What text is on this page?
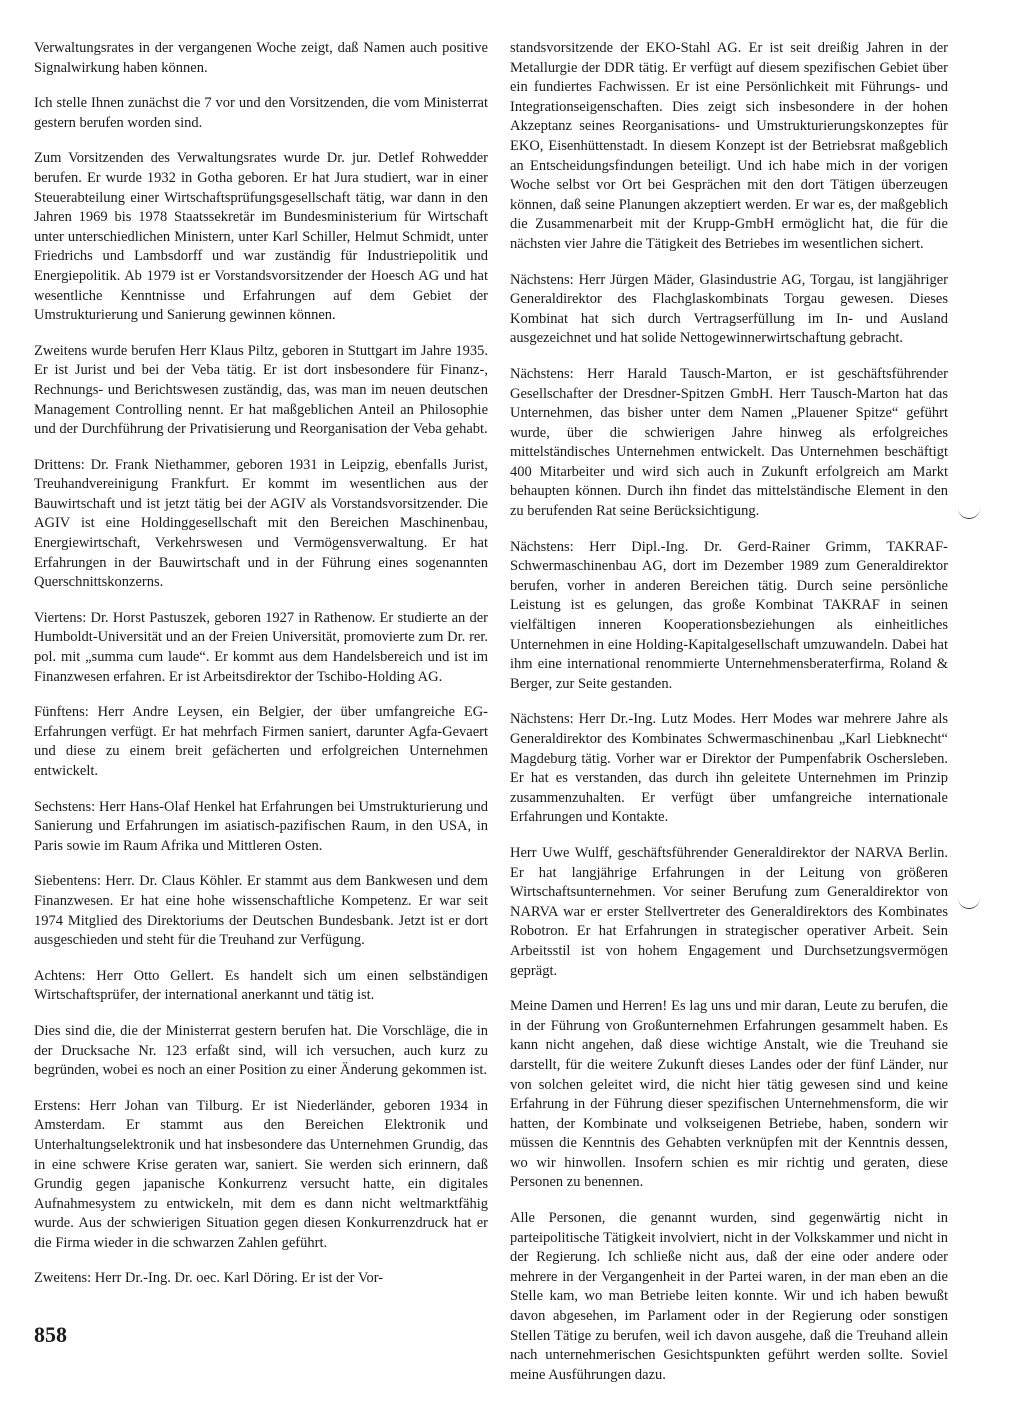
Verwaltungsrates in der vergangenen Woche zeigt, daß Namen auch positive Signalwirkung haben können.

Ich stelle Ihnen zunächst die 7 vor und den Vorsitzenden, die vom Ministerrat gestern berufen worden sind.

Zum Vorsitzenden des Verwaltungsrates wurde Dr. jur. Detlef Rohwedder berufen. Er wurde 1932 in Gotha geboren. Er hat Jura studiert, war in einer Steuerabteilung einer Wirtschaftsprüfungsgesellschaft tätig, war dann in den Jahren 1969 bis 1978 Staatssekretär im Bundesministerium für Wirtschaft unter unterschiedlichen Ministern, unter Karl Schiller, Helmut Schmidt, unter Friedrichs und Lambsdorff und war zuständig für Industriepolitik und Energiepolitik. Ab 1979 ist er Vorstandsvorsitzender der Hoesch AG und hat wesentliche Kenntnisse und Erfahrungen auf dem Gebiet der Umstrukturierung und Sanierung gewinnen können.

Zweitens wurde berufen Herr Klaus Piltz, geboren in Stuttgart im Jahre 1935. Er ist Jurist und bei der Veba tätig. Er ist dort insbesondere für Finanz-, Rechnungs- und Berichtswesen zuständig, das, was man im neuen deutschen Management Controlling nennt. Er hat maßgeblichen Anteil an Philosophie und der Durchführung der Privatisierung und Reorganisation der Veba gehabt.

Drittens: Dr. Frank Niethammer, geboren 1931 in Leipzig, ebenfalls Jurist, Treuhandvereinigung Frankfurt. Er kommt im wesentlichen aus der Bauwirtschaft und ist jetzt tätig bei der AGIV als Vorstandsvorsitzender. Die AGIV ist eine Holdinggesellschaft mit den Bereichen Maschinenbau, Energiewirtschaft, Verkehrswesen und Vermögensverwaltung. Er hat Erfahrungen in der Bauwirtschaft und in der Führung eines sogenannten Querschnittskonzerns.

Viertens: Dr. Horst Pastuszek, geboren 1927 in Rathenow. Er studierte an der Humboldt-Universität und an der Freien Universität, promovierte zum Dr. rer. pol. mit „summa cum laude“. Er kommt aus dem Handelsbereich und ist im Finanzwesen erfahren. Er ist Arbeitsdirektor der Tschibo-Holding AG.

Fünftens: Herr Andre Leysen, ein Belgier, der über umfangreiche EG-Erfahrungen verfügt. Er hat mehrfach Firmen saniert, darunter Agfa-Gevaert und diese zu einem breit gefächerten und erfolgreichen Unternehmen entwickelt.

Sechstens: Herr Hans-Olaf Henkel hat Erfahrungen bei Umstrukturierung und Sanierung und Erfahrungen im asiatisch-pazifischen Raum, in den USA, in Paris sowie im Raum Afrika und Mittleren Osten.

Siebentens: Herr. Dr. Claus Köhler. Er stammt aus dem Bankwesen und dem Finanzwesen. Er hat eine hohe wissenschaftliche Kompetenz. Er war seit 1974 Mitglied des Direktoriums der Deutschen Bundesbank. Jetzt ist er dort ausgeschieden und steht für die Treuhand zur Verfügung.

Achtens: Herr Otto Gellert. Es handelt sich um einen selbständigen Wirtschaftsprüfer, der international anerkannt und tätig ist.

Dies sind die, die der Ministerrat gestern berufen hat. Die Vorschläge, die in der Drucksache Nr. 123 erfaßt sind, will ich versuchen, auch kurz zu begründen, wobei es noch an einer Position zu einer Änderung gekommen ist.

Erstens: Herr Johan van Tilburg. Er ist Niederländer, geboren 1934 in Amsterdam. Er stammt aus den Bereichen Elektronik und Unterhaltungselektronik und hat insbesondere das Unternehmen Grundig, das in eine schwere Krise geraten war, saniert. Sie werden sich erinnern, daß Grundig gegen japanische Konkurrenz versucht hatte, ein digitales Aufnahmesystem zu entwickeln, mit dem es dann nicht weltmarktfähig wurde. Aus der schwierigen Situation gegen diesen Konkurrenzdruck hat er die Firma wieder in die schwarzen Zahlen geführt.

Zweitens: Herr Dr.-Ing. Dr. oec. Karl Döring. Er ist der Vor-

standsvorsitzende der EKO-Stahl AG. Er ist seit dreißig Jahren in der Metallurgie der DDR tätig. Er verfügt auf diesem spezifischen Gebiet über ein fundiertes Fachwissen. Er ist eine Persönlichkeit mit Führungs- und Integrationseigenschaften. Dies zeigt sich insbesondere in der hohen Akzeptanz seines Reorganisations- und Umstrukturierungskonzeptes für EKO, Eisenhüttenstadt. In diesem Konzept ist der Betriebsrat maßgeblich an Entscheidungsfindungen beteiligt. Und ich habe mich in der vorigen Woche selbst vor Ort bei Gesprächen mit den dort Tätigen überzeugen können, daß seine Planungen akzeptiert werden. Er war es, der maßgeblich die Zusammenarbeit mit der Krupp-GmbH ermöglicht hat, die für die nächsten vier Jahre die Tätigkeit des Betriebes im wesentlichen sichert.

Nächstens: Herr Jürgen Mäder, Glasindustrie AG, Torgau, ist langjähriger Generaldirektor des Flachglaskombinats Torgau gewesen. Dieses Kombinat hat sich durch Vertragserfüllung im In- und Ausland ausgezeichnet und hat solide Nettogewinnerwirtschaftung gebracht.

Nächstens: Herr Harald Tausch-Marton, er ist geschäftsführender Gesellschafter der Dresdner-Spitzen GmbH. Herr Tausch-Marton hat das Unternehmen, das bisher unter dem Namen „Plauener Spitze“ geführt wurde, über die schwierigen Jahre hinweg als erfolgreiches mittelständisches Unternehmen entwickelt. Das Unternehmen beschäftigt 400 Mitarbeiter und wird sich auch in Zukunft erfolgreich am Markt behaupten können. Durch ihn findet das mittelständische Element in den zu berufenden Rat seine Berücksichtigung.

Nächstens: Herr Dipl.-Ing. Dr. Gerd-Rainer Grimm, TAKRAF-Schwermaschinenbau AG, dort im Dezember 1989 zum Generaldirektor berufen, vorher in anderen Bereichen tätig. Durch seine persönliche Leistung ist es gelungen, das große Kombinat TAKRAF in seinen vielfältigen inneren Kooperationsbeziehungen als einheitliches Unternehmen in eine Holding-Kapitalgesellschaft umzuwandeln. Dabei hat ihm eine international renommierte Unternehmensberaterfirma, Roland & Berger, zur Seite gestanden.

Nächstens: Herr Dr.-Ing. Lutz Modes. Herr Modes war mehrere Jahre als Generaldirektor des Kombinates Schwermaschinenbau „Karl Liebknecht“ Magdeburg tätig. Vorher war er Direktor der Pumpenfabrik Oschersleben. Er hat es verstanden, das durch ihn geleitete Unternehmen im Prinzip zusammenzuhalten. Er verfügt über umfangreiche internationale Erfahrungen und Kontakte.

Herr Uwe Wulff, geschäftsführender Generaldirektor der NARVA Berlin. Er hat langjährige Erfahrungen in der Leitung von größeren Wirtschaftsunternehmen. Vor seiner Berufung zum Generaldirektor von NARVA war er erster Stellvertreter des Generaldirektors des Kombinates Robotron. Er hat Erfahrungen in strategischer operativer Arbeit. Sein Arbeitsstil ist von hohem Engagement und Durchsetzungsvermögen geprägt.

Meine Damen und Herren! Es lag uns und mir daran, Leute zu berufen, die in der Führung von Großunternehmen Erfahrungen gesammelt haben. Es kann nicht angehen, daß diese wichtige Anstalt, wie die Treuhand sie darstellt, für die weitere Zukunft dieses Landes oder der fünf Länder, nur von solchen geleitet wird, die nicht hier tätig gewesen sind und keine Erfahrung in der Führung dieser spezifischen Unternehmensform, die wir hatten, der Kombinate und volkseigenen Betriebe, haben, sondern wir müssen die Kenntnis des Gehabten verknüpfen mit der Kenntnis dessen, wo wir hinwollen. Insofern schien es mir richtig und geraten, diese Personen zu benennen.

Alle Personen, die genannt wurden, sind gegenwärtig nicht in parteipolitische Tätigkeit involviert, nicht in der Volkskammer und nicht in der Regierung. Ich schließe nicht aus, daß der eine oder andere oder mehrere in der Vergangenheit in der Partei waren, in der man eben an die Stelle kam, wo man Betriebe leiten konnte. Wir und ich haben bewußt davon abgesehen, im Parlament oder in der Regierung oder sonstigen Stellen Tätige zu berufen, weil ich davon ausgehe, daß die Treuhand allein nach unternehmerischen Gesichtspunkten geführt werden sollte. Soviel meine Ausführungen dazu.

858
